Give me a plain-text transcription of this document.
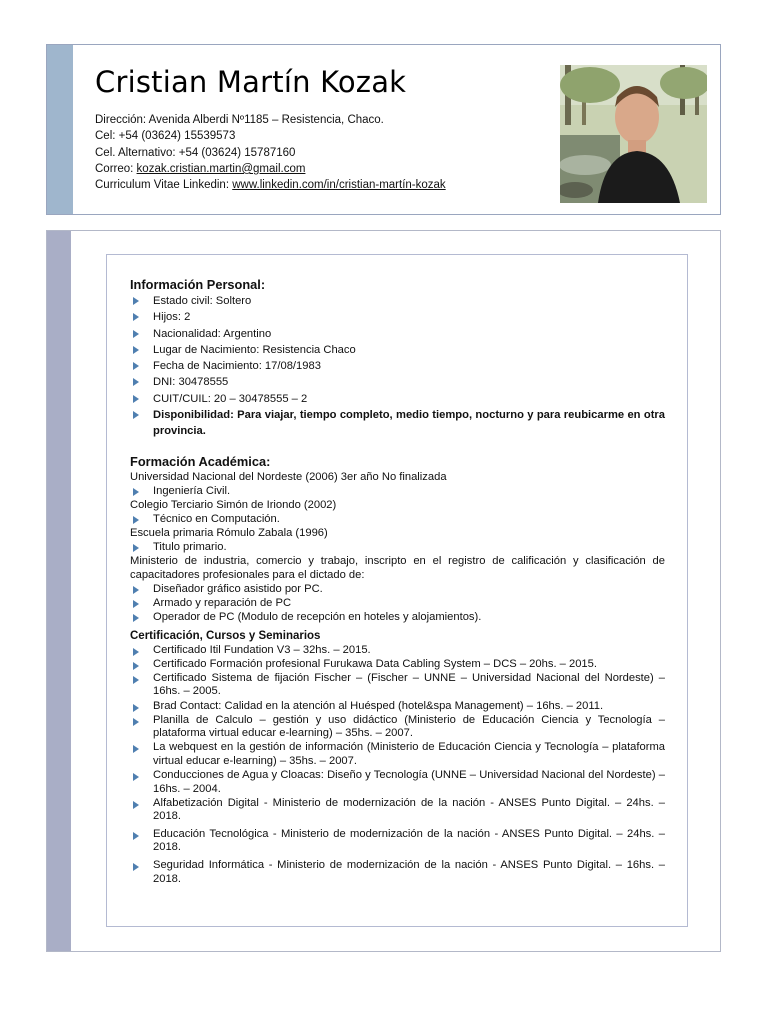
Cristian Martín Kozak
Dirección: Avenida Alberdi Nº1185 – Resistencia, Chaco.
Cel: +54 (03624) 15539573
Cel. Alternativo: +54 (03624) 15787160
Correo: kozak.cristian.martin@gmail.com
Curriculum Vitae Linkedin: www.linkedin.com/in/cristian-martín-kozak
Información Personal:
Estado civil: Soltero
Hijos: 2
Nacionalidad: Argentino
Lugar de Nacimiento: Resistencia Chaco
Fecha de Nacimiento: 17/08/1983
DNI: 30478555
CUIT/CUIL: 20 – 30478555 – 2
Disponibilidad: Para viajar, tiempo completo, medio tiempo, nocturno y para reubicarme en otra provincia.
Formación Académica:
Universidad Nacional del Nordeste (2006) 3er año No finalizada
Ingeniería Civil.
Colegio Terciario Simón de Iriondo (2002)
Técnico en Computación.
Escuela primaria Rómulo Zabala (1996)
Titulo primario.
Ministerio de industria, comercio y trabajo, inscripto en el registro de calificación y clasificación de capacitadores profesionales para el dictado de:
Diseñador gráfico asistido por PC.
Armado y reparación de PC
Operador de PC (Modulo de recepción en hoteles y alojamientos).
Certificación, Cursos y Seminarios
Certificado Itil Fundation V3 – 32hs. – 2015.
Certificado Formación profesional Furukawa Data Cabling System – DCS – 20hs. – 2015.
Certificado Sistema de fijación Fischer – (Fischer – UNNE – Universidad Nacional del Nordeste) – 16hs. – 2005.
Brad Contact: Calidad en la atención al Huésped (hotel&spa Management) – 16hs. – 2011.
Planilla de Calculo – gestión y uso didáctico (Ministerio de Educación Ciencia y Tecnología – plataforma virtual educar e-learning) – 35hs. – 2007.
La webquest en la gestión de información (Ministerio de Educación Ciencia y Tecnología – plataforma virtual educar e-learning) – 35hs. – 2007.
Conducciones de Agua y Cloacas: Diseño y Tecnología (UNNE – Universidad Nacional del Nordeste) – 16hs. – 2004.
Alfabetización Digital - Ministerio de modernización de la nación - ANSES Punto Digital. – 24hs. – 2018.
Educación Tecnológica - Ministerio de modernización de la nación - ANSES Punto Digital. – 24hs. – 2018.
Seguridad Informática - Ministerio de modernización de la nación - ANSES Punto Digital. – 16hs. – 2018.
